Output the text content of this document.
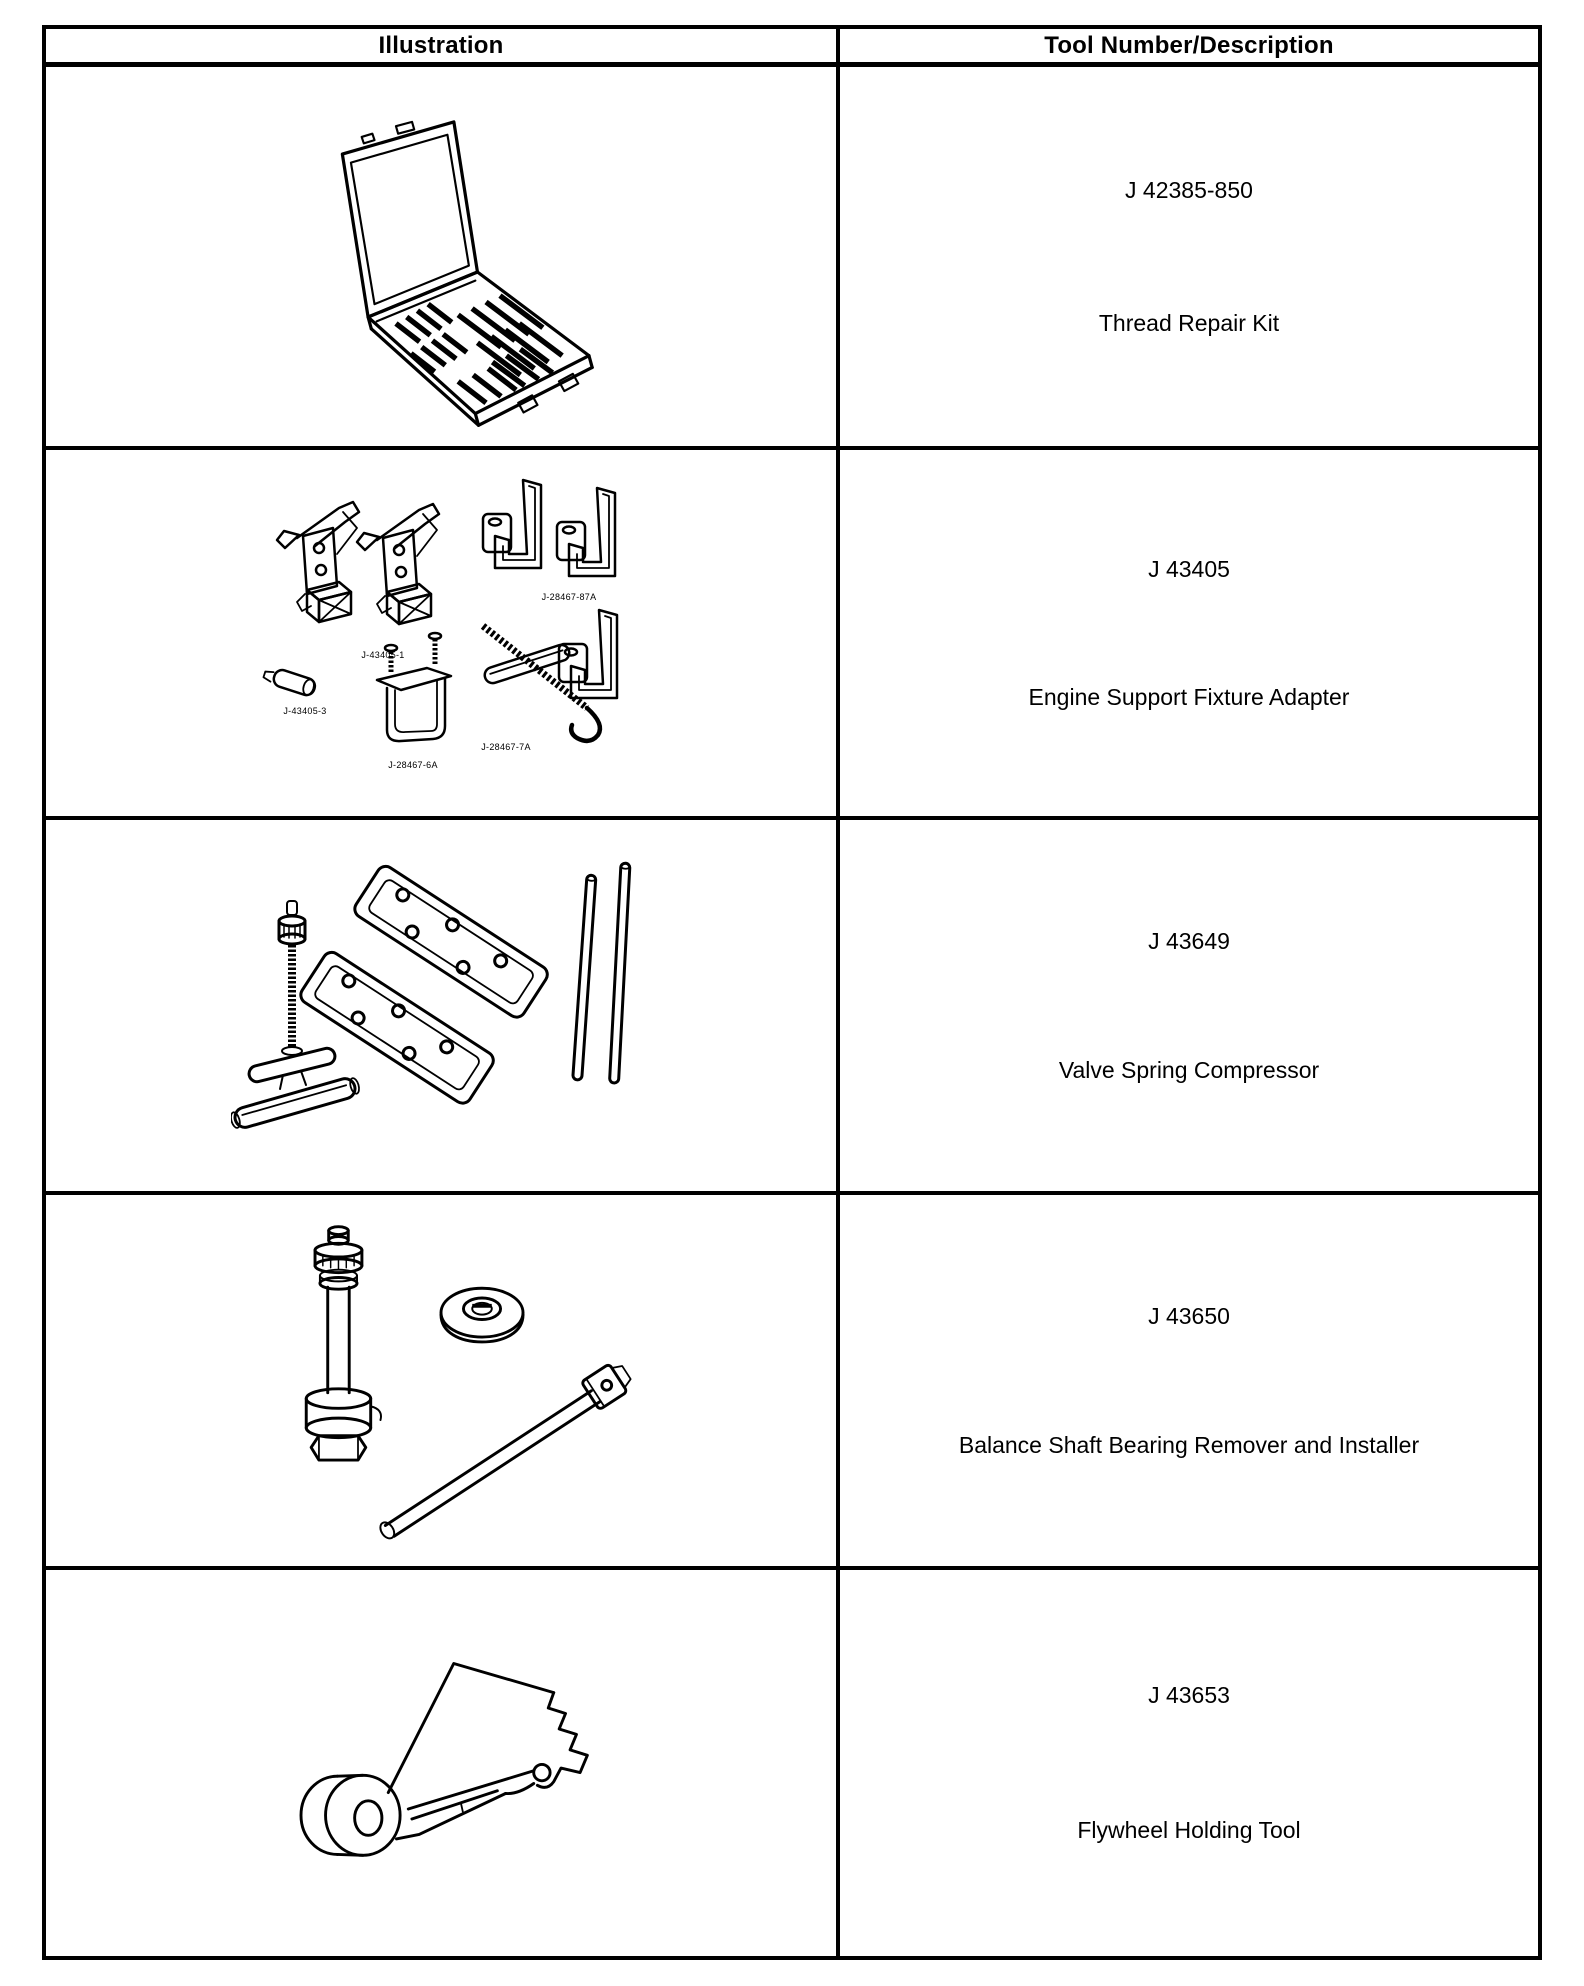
Illustration	Tool Number/Description
J 42385-850
Thread Repair Kit
J-43405-1
J-28467-87A
J-43405-3
J-28467-6A
J-28467-7A
J 43405
Engine Support Fixture Adapter
J 43649
Valve Spring Compressor
J 43650
Balance Shaft Bearing Remover and Installer
J 43653
Flywheel Holding Tool
